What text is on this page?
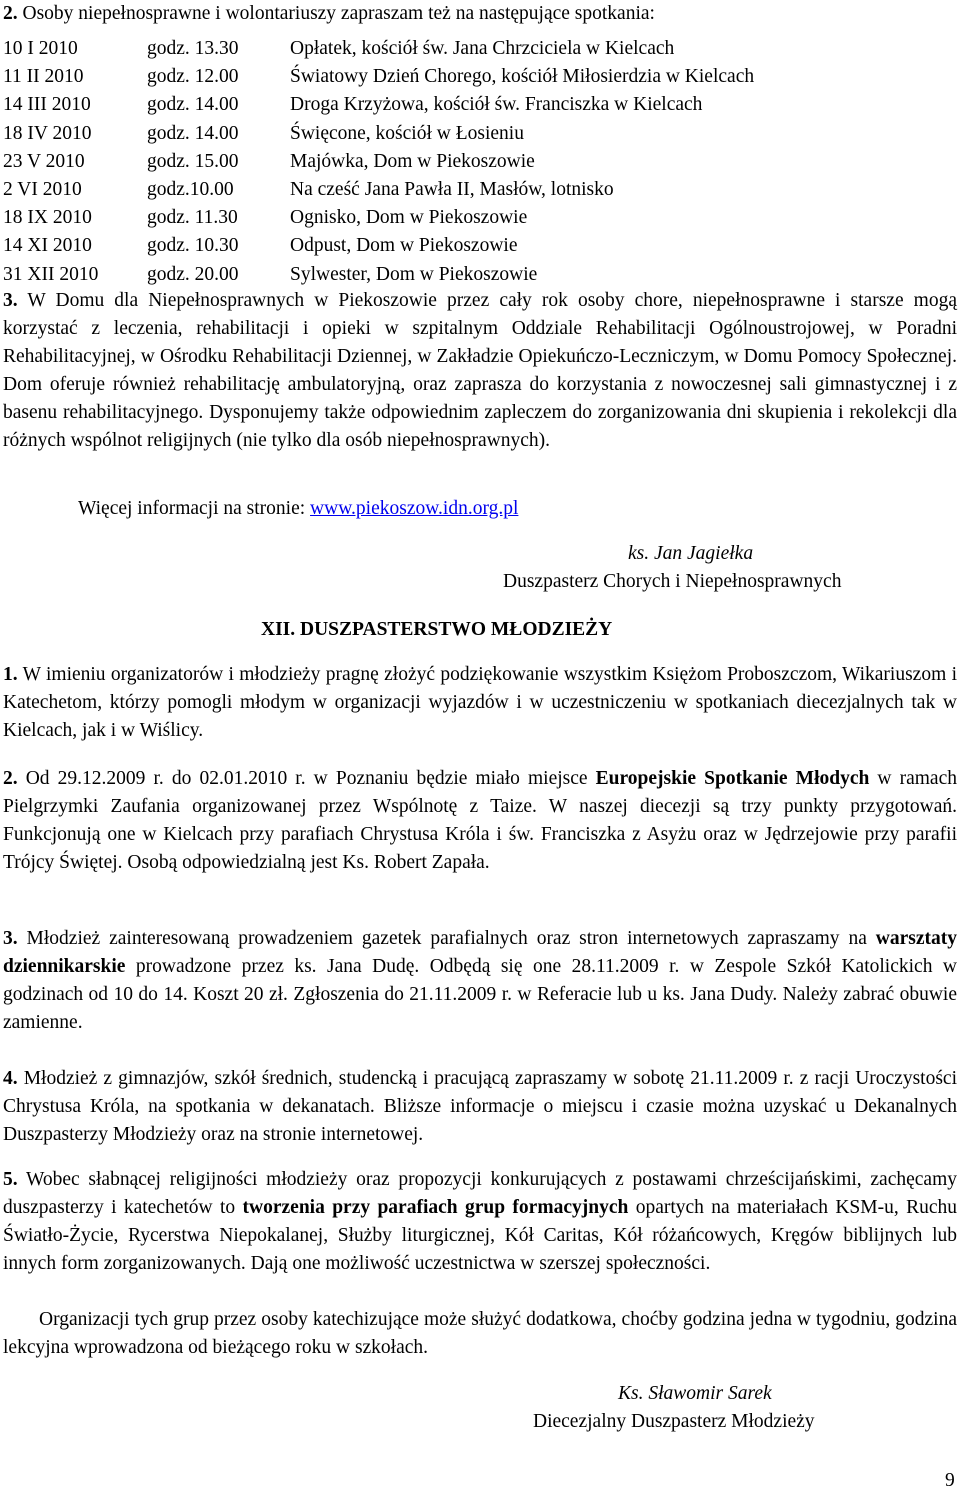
2. Osoby niepełnosprawne i wolontariuszy zapraszam też na następujące spotkania:

10 I 2010	godz. 13.30	Opłatek, kościół św. Jana Chrzciciela w Kielcach
11 II 2010	godz. 12.00	Światowy Dzień Chorego, kościół Miłosierdzia w Kielcach
14 III 2010	godz. 14.00	Droga Krzyżowa, kościół św. Franciszka w Kielcach
18 IV 2010	godz. 14.00	Święcone, kościół w Łosieniu
23 V 2010	godz. 15.00	Majówka, Dom w Piekoszowie
2 VI 2010	godz.10.00	Na cześć Jana Pawła II, Masłów, lotnisko
18 IX 2010	godz. 11.30	Ognisko, Dom w Piekoszowie
14 XI 2010	godz. 10.30	Odpust, Dom w Piekoszowie
31 XII 2010	godz. 20.00	Sylwester, Dom w Piekoszowie

3. W Domu dla Niepełnosprawnych w Piekoszowie przez cały rok osoby chore, niepełnosprawne i starsze mogą korzystać z leczenia, rehabilitacji i opieki w szpitalnym Oddziale Rehabilitacji Ogólnoustrojowej, w Poradni Rehabilitacyjnej, w Ośrodku Rehabilitacji Dziennej, w Zakładzie Opiekuńczo-Leczniczym, w Domu Pomocy Społecznej. Dom oferuje również rehabilitację ambulatoryjną, oraz zaprasza do korzystania z nowoczesnej sali gimnastycznej i z basenu rehabilitacyjnego. Dysponujemy także odpowiednim zapleczem do zorganizowania dni skupienia i rekolekcji dla różnych wspólnot religijnych (nie tylko dla osób niepełnosprawnych).

Więcej informacji na stronie: www.piekoszow.idn.org.pl

ks. Jan Jagiełka
Duszpasterz Chorych i Niepełnosprawnych
XII. DUSZPASTERSTWO MŁODZIEŻY

1. W imieniu organizatorów i młodzieży pragnę złożyć podziękowanie wszystkim Księżom Proboszczom, Wikariuszom i Katechetom, którzy pomogli młodym w organizacji wyjazdów i w uczestniczeniu w spotkaniach diecezjalnych tak w Kielcach, jak i w Wiślicy.

2. Od 29.12.2009 r. do 02.01.2010 r. w Poznaniu będzie miało miejsce Europejskie Spotkanie Młodych w ramach Pielgrzymki Zaufania organizowanej przez Wspólnotę z Taize. W naszej diecezji są trzy punkty przygotowań. Funkcjonują one w Kielcach przy parafiach Chrystusa Króla i św. Franciszka z Asyżu oraz w Jędrzejowie przy parafii Trójcy Świętej. Osobą odpowiedzialną jest Ks. Robert Zapała.

3. Młodzież zainteresowaną prowadzeniem gazetek parafialnych oraz stron internetowych zapraszamy na warsztaty dziennikarskie prowadzone przez ks. Jana Dudę. Odbędą się one 28.11.2009 r. w Zespole Szkół Katolickich w godzinach od 10 do 14. Koszt 20 zł. Zgłoszenia do 21.11.2009 r. w Referacie lub u ks. Jana Dudy. Należy zabrać obuwie zamienne.

4. Młodzież z gimnazjów, szkół średnich, studencką i pracującą zapraszamy w sobotę 21.11.2009 r. z racji Uroczystości Chrystusa Króla, na spotkania w dekanatach. Bliższe informacje o miejscu i czasie można uzyskać u Dekanalnych Duszpasterzy Młodzieży oraz na stronie internetowej.

5. Wobec słabnącej religijności młodzieży oraz propozycji konkurujących z postawami chrześcijańskimi, zachęcamy duszpasterzy i katechetów to tworzenia przy parafiach grup formacyjnych opartych na materiałach KSM-u, Ruchu Światło-Życie, Rycerstwa Niepokalanej, Służby liturgicznej, Kół Caritas, Kół różańcowych, Kręgów biblijnych lub innych form zorganizowanych. Dają one możliwość uczestnictwa w szerszej społeczności.

Organizacji tych grup przez osoby katechizujące może służyć dodatkowa, choćby godzina jedna w tygodniu, godzina lekcyjna wprowadzona od bieżącego roku w szkołach.

Ks. Sławomir Sarek
Diecezjalny Duszpasterz Młodzieży
9
